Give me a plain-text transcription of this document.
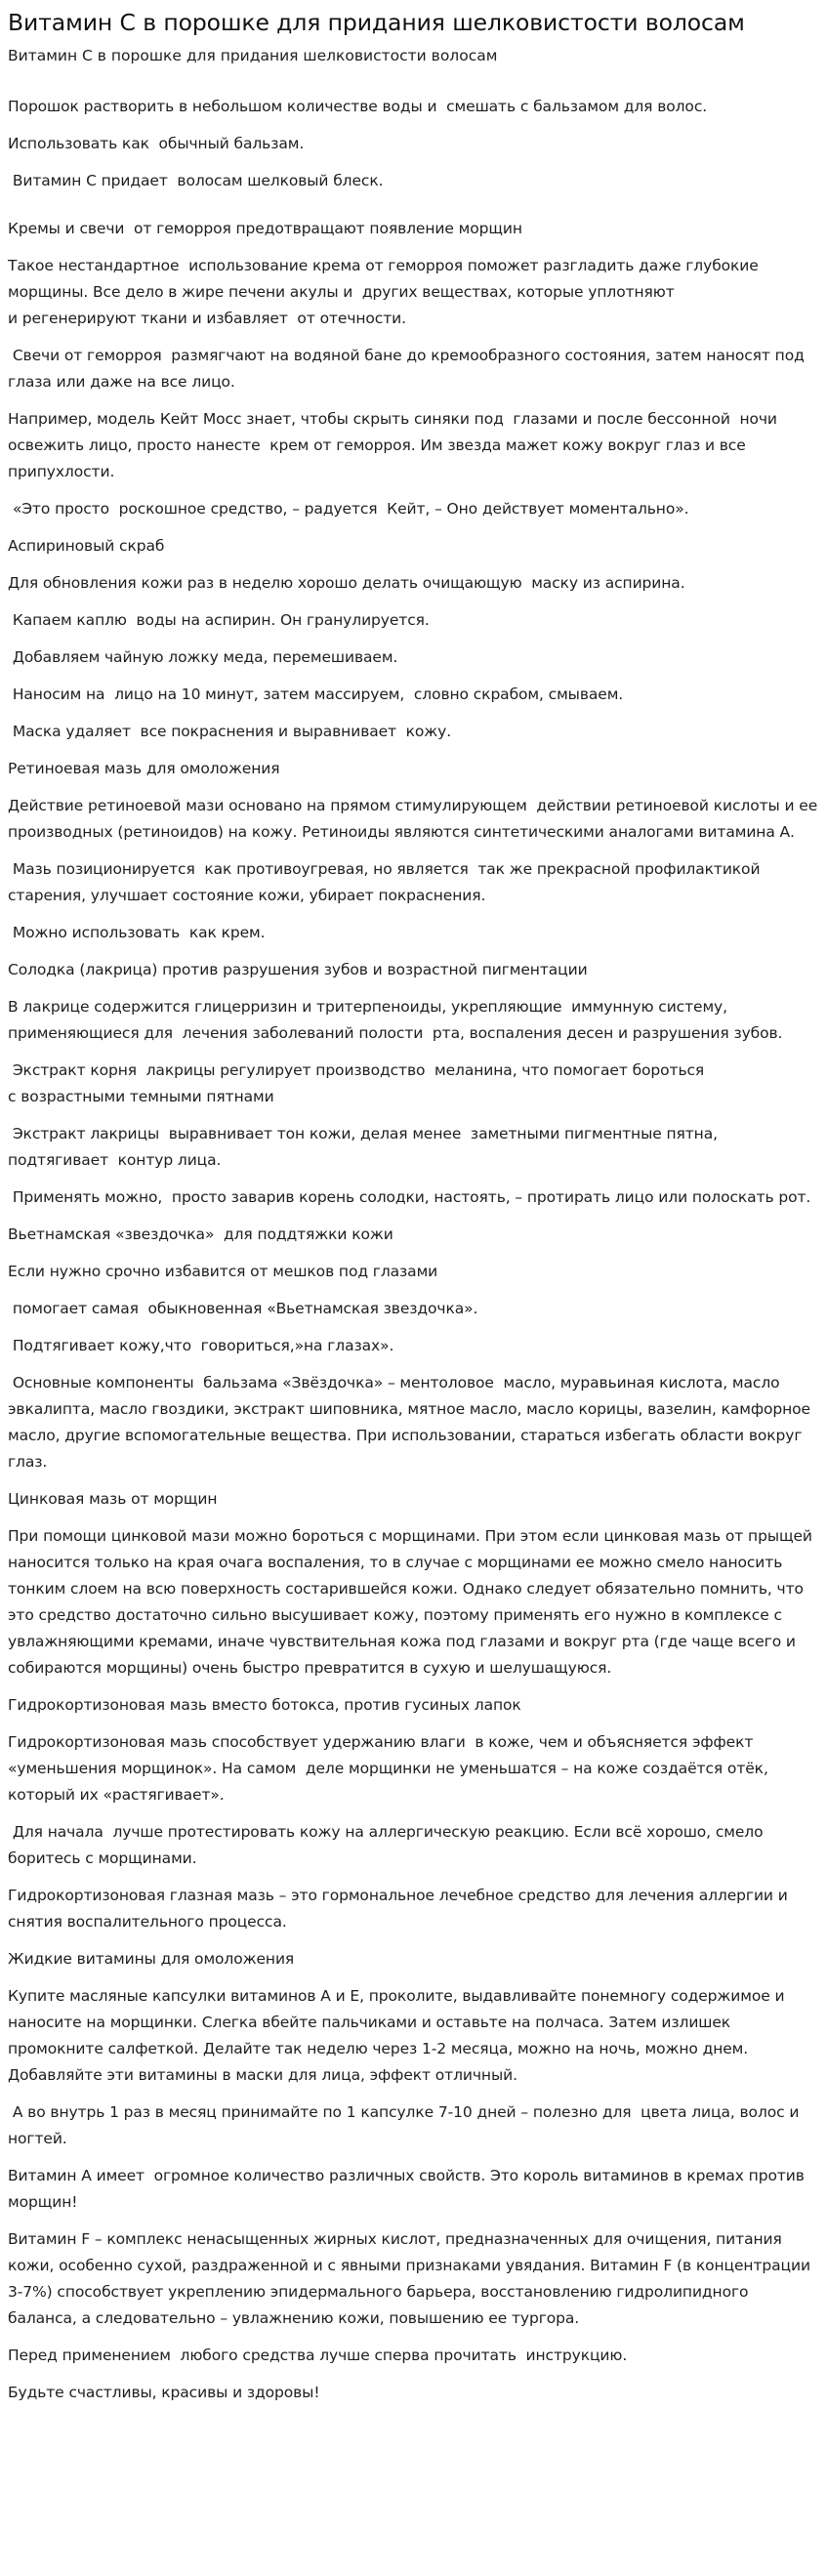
Витамин С в порошке для придания шелковистости волосам
Витамин С в порошке для придания шелковистости волосам

Порошок растворить в небольшом количестве воды и  смешать с бальзамом для волос.

Использовать как  обычный бальзам.

Витамин С придает  волосам шелковый блеск.

Кремы и свечи  от геморроя предотвращают появление морщин

Такое нестандартное  использование крема от геморроя поможет разгладить даже глубокие морщины. Все дело в жире печени акулы и  других веществах, которые уплотняют
и регенерируют ткани и избавляет  от отечности.

Свечи от геморроя  размягчают на водяной бане до кремообразного состояния, затем наносят под глаза или даже на все лицо.

Например, модель Кейт Мосс знает, чтобы скрыть синяки под  глазами и после бессонной  ночи освежить лицо, просто нанесте  крем от геморроя. Им звезда мажет кожу вокруг глаз и все припухлости.

«Это просто  роскошное средство, – радуется  Кейт, – Оно действует моментально».

Аспириновый скраб

Для обновления кожи раз в неделю хорошо делать очищающую  маску из аспирина.

Капаем каплю  воды на аспирин. Он гранулируется.

Добавляем чайную ложку меда, перемешиваем.

Наносим на  лицо на 10 минут, затем массируем,  словно скрабом, смываем.

Маска удаляет  все покраснения и выравнивает  кожу.

Ретиноевая мазь для омоложения

Действие ретиноевой мази основано на прямом стимулирующем  действии ретиноевой кислоты и ее производных (ретиноидов) на кожу. Ретиноиды являются синтетическими аналогами витамина А.

Мазь позиционируется  как противоугревая, но является  так же прекрасной профилактикой старения, улучшает состояние кожи, убирает покраснения.

Можно использовать  как крем.

Солодка (лакрица) против разрушения зубов и возрастной пигментации

В лакрице содержится глицерризин и тритерпеноиды, укрепляющие  иммунную систему, применяющиеся для  лечения заболеваний полости  рта, воспаления десен и разрушения зубов.

Экстракт корня  лакрицы регулирует производство  меланина, что помогает бороться
с возрастными темными пятнами

Экстракт лакрицы  выравнивает тон кожи, делая менее  заметными пигментные пятна, подтягивает  контур лица.

Применять можно,  просто заварив корень солодки, настоять, – протирать лицо или полоскать рот.

Вьетнамская «звездочка»  для поддтяжки кожи

Если нужно срочно избавится от мешков под глазами

помогает самая  обыкновенная «Вьетнамская звездочка».

Подтягивает кожу,что  говориться,»на глазах».

Основные компоненты  бальзама «Звёздочка» – ментоловое  масло, муравьиная кислота, масло эвкалипта, масло гвоздики, экстракт шиповника, мятное масло, масло корицы, вазелин, камфорное масло, другие вспомогательные вещества. При использовании, стараться избегать области вокруг глаз.

Цинковая мазь от морщин

При помощи цинковой мази можно бороться с морщинами. При этом если цинковая мазь от прыщей наносится только на края очага воспаления, то в случае с морщинами ее можно смело наносить тонким слоем на всю поверхность состарившейся кожи. Однако следует обязательно помнить, что это средство достаточно сильно высушивает кожу, поэтому применять его нужно в комплексе с увлажняющими кремами, иначе чувствительная кожа под глазами и вокруг рта (где чаще всего и собираются морщины) очень быстро превратится в сухую и шелушащуюся.

Гидрокортизоновая мазь вместо ботокса, против гусиных лапок

Гидрокортизоновая мазь способствует удержанию влаги  в коже, чем и объясняется эффект «уменьшения морщинок». На самом  деле морщинки не уменьшатся – на коже создаётся отёк, который их «растягивает».

Для начала  лучше протестировать кожу на аллергическую реакцию. Если всё хорошо, смело боритесь с морщинами.

Гидрокортизоновая глазная мазь – это гормональное лечебное средство для лечения аллергии и снятия воспалительного процесса.

Жидкие витамины для омоложения

Купите масляные капсулки витаминов А и Е, проколите, выдавливайте понемногу содержимое и наносите на морщинки. Слегка вбейте пальчиками и оставьте на полчаса. Затем излишек промокните салфеткой. Делайте так неделю через 1-2 месяца, можно на ночь, можно днем. Добавляйте эти витамины в маски для лица, эффект отличный.

А во внутрь 1 раз в месяц принимайте по 1 капсулке 7-10 дней – полезно для  цвета лица, волос и ногтей.

Витамин А имеет  огромное количество различных свойств. Это король витаминов в кремах против морщин!

Витамин F – комплекс ненасыщенных жирных кислот, предназначенных для очищения, питания кожи, особенно сухой, раздраженной и с явными признаками увядания. Витамин F (в концентрации 3-7%) способствует укреплению эпидермального барьера, восстановлению гидролипидного баланса, а следовательно – увлажнению кожи, повышению ее тургора.

Перед применением  любого средства лучше сперва прочитать  инструкцию.

Будьте счастливы, красивы и здоровы!
